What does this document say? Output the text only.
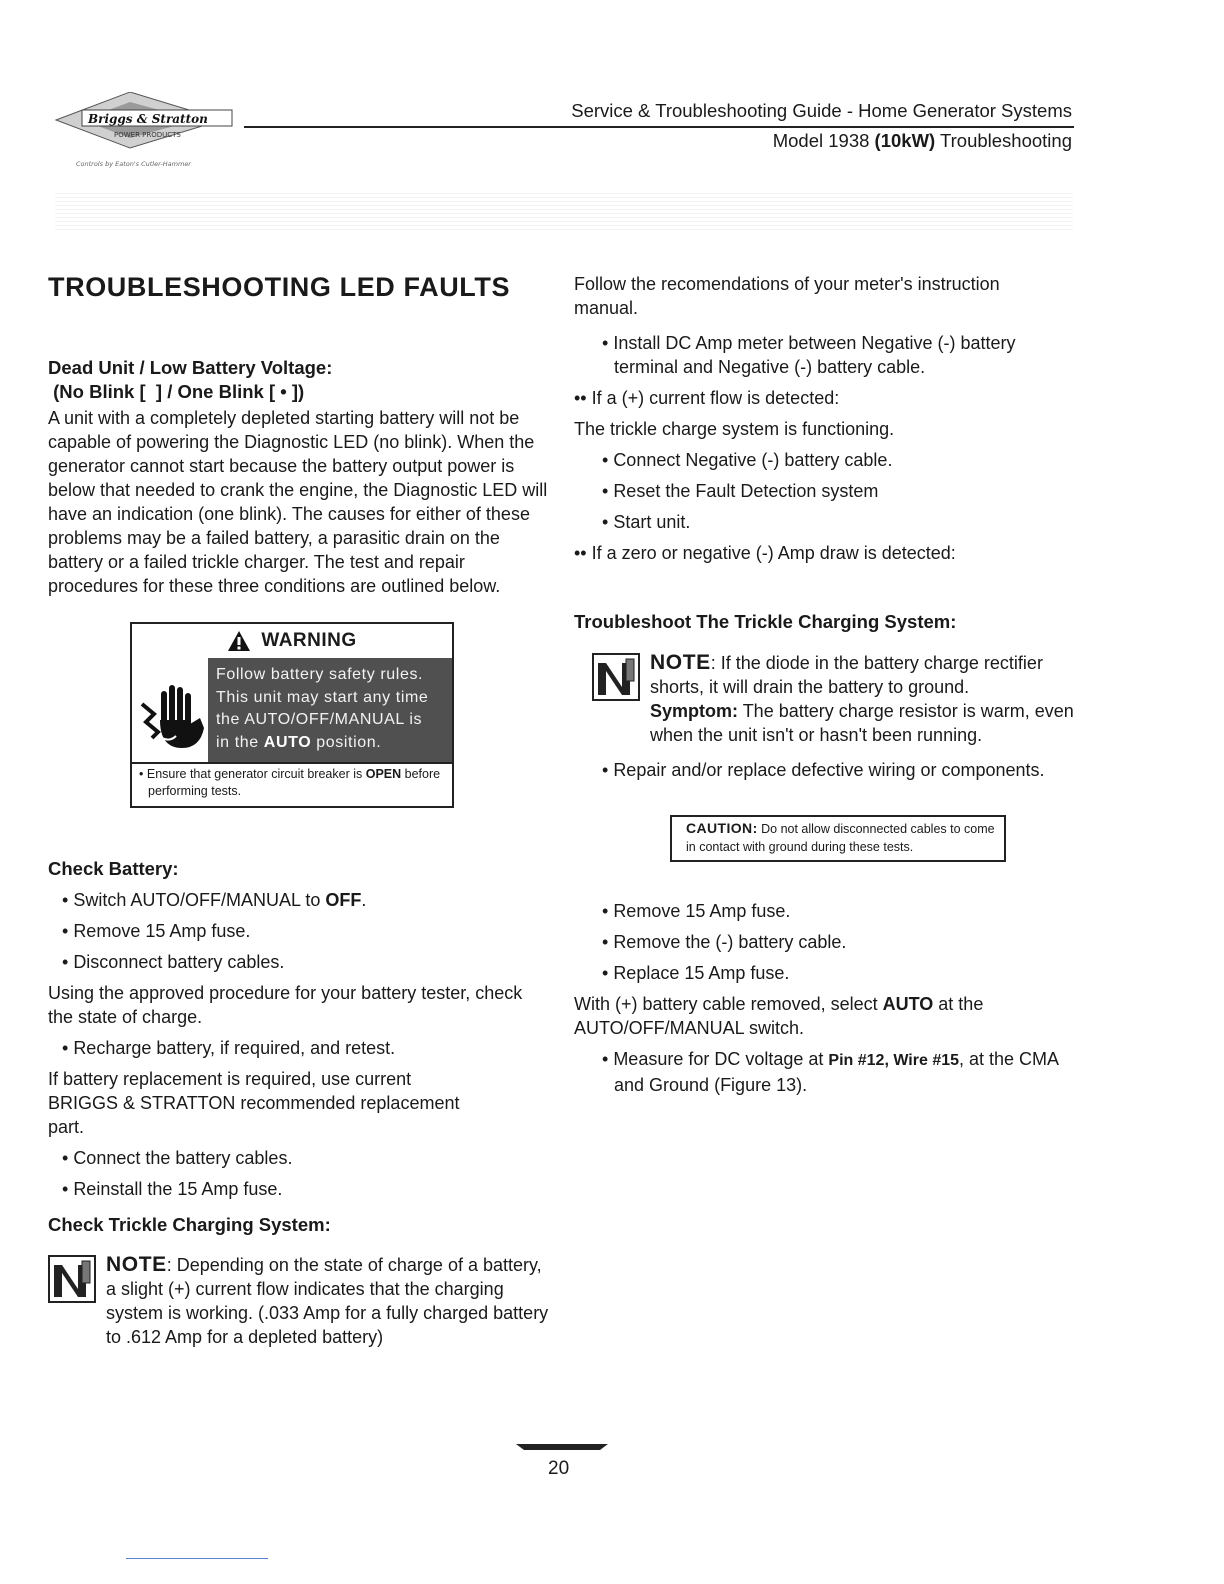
Briggs & Stratton
POWER PRODUCTS
Controls by Eaton's Cutler-Hammer
Service & Troubleshooting Guide - Home Generator Systems
Model 1938 (10kW) Troubleshooting
TROUBLESHOOTING LED FAULTS
Dead Unit / Low Battery Voltage:
(No Blink [  ] / One Blink [ • ])

A unit with a completely depleted starting battery will not be capable of powering the Diagnostic LED (no blink). When the generator cannot start because the battery output power is below that needed to crank the engine, the Diagnostic LED will have an indication (one blink). The causes for either of these problems may be a failed battery, a parasitic drain on the battery or a failed trickle charger. The test and repair procedures for these three conditions are outlined below.

WARNING
Follow battery safety rules.
This unit may start any time
the AUTO/OFF/MANUAL is
in the AUTO position.
• Ensure that generator circuit breaker is OPEN before performing tests.
Check Battery:

• Switch AUTO/OFF/MANUAL to OFF.

• Remove 15 Amp fuse.

• Disconnect battery cables.

Using the approved procedure for your battery tester, check the state of charge.

• Recharge battery, if required, and retest.

If battery replacement is required, use current BRIGGS & STRATTON recommended replacement part.

• Connect the battery cables.

• Reinstall the 15 Amp fuse.

Check Trickle Charging System:
NOTE: Depending on the state of charge of a battery, a slight (+) current flow indicates that the charging system is working. (.033 Amp for a fully charged battery to .612 Amp for a depleted battery)

Follow the recomendations of your meter's instruction manual.

• Install DC Amp meter between Negative (-) battery terminal and Negative (-) battery cable.

•• If a (+) current flow is detected:

The trickle charge system is functioning.

• Connect Negative (-) battery cable.

• Reset the Fault Detection system

• Start unit.

•• If a zero or negative (-) Amp draw is detected:

Troubleshoot The Trickle Charging System:
NOTE: If the diode in the battery charge rectifier shorts, it will drain the battery to ground.
Symptom: The battery charge resistor is warm, even when the unit isn't or hasn't been running.

• Repair and/or replace defective wiring or components.

CAUTION: Do not allow disconnected cables to come in contact with ground during these tests.

• Remove 15 Amp fuse.

• Remove the (-) battery cable.

• Replace 15 Amp fuse.

With (+) battery cable removed, select AUTO at the AUTO/OFF/MANUAL switch.

• Measure for DC voltage at Pin #12, Wire #15, at the CMA and Ground (Figure 13).

20
